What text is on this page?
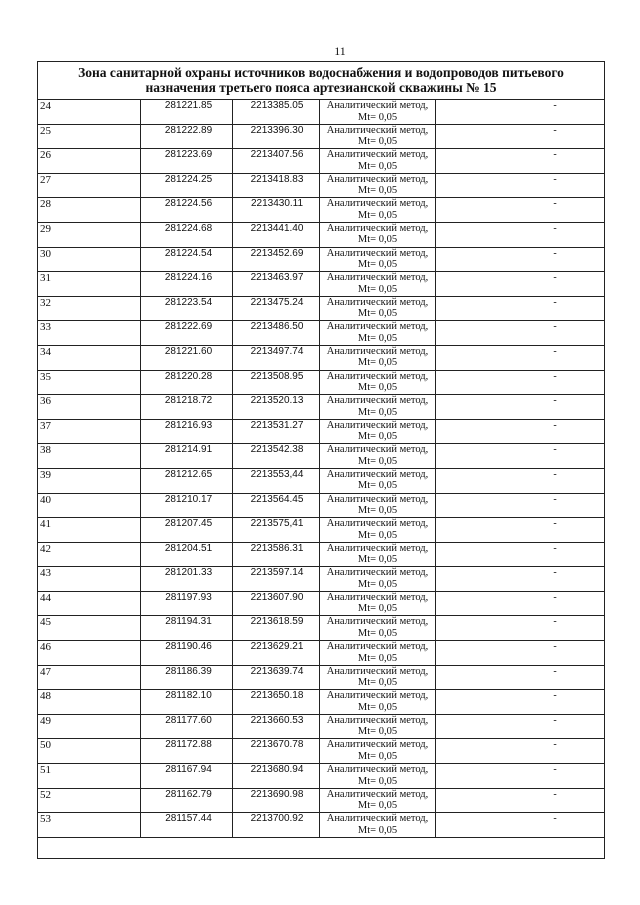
11
Зона санитарной охраны источников водоснабжения и водопроводов питьевого
назначения третьего пояса артезианской скважины № 15				

24	281221.85	2213385.05	Аналитический метод,
Mt= 0,05	-
25	281222.89	2213396.30	Аналитический метод,
Mt= 0,05	-
26	281223.69	2213407.56	Аналитический метод,
Mt= 0,05	-
27	281224.25	2213418.83	Аналитический метод,
Mt= 0,05	-
28	281224.56	2213430.11	Аналитический метод,
Mt= 0,05	-
29	281224.68	2213441.40	Аналитический метод,
Mt= 0,05	-
30	281224.54	2213452.69	Аналитический метод,
Mt= 0,05	-
31	281224.16	2213463.97	Аналитический метод,
Mt= 0,05	-
32	281223.54	2213475.24	Аналитический метод,
Mt= 0,05	-
33	281222.69	2213486.50	Аналитический метод,
Mt= 0,05	-
34	281221.60	2213497.74	Аналитический метод,
Mt= 0,05	-
35	281220.28	2213508.95	Аналитический метод,
Mt= 0,05	-
36	281218.72	2213520.13	Аналитический метод,
Mt= 0,05	-
37	281216.93	2213531.27	Аналитический метод,
Mt= 0,05	-
38	281214.91	2213542.38	Аналитический метод,
Mt= 0,05	-
39	281212.65	2213553,44	Аналитический метод,
Mt= 0,05	-
40	281210.17	2213564.45	Аналитический метод,
Mt= 0,05	-
41	281207.45	2213575,41	Аналитический метод,
Mt= 0,05	-
42	281204.51	2213586.31	Аналитический метод,
Mt= 0,05	-
43	281201.33	2213597.14	Аналитический метод,
Mt= 0,05	-
44	281197.93	2213607.90	Аналитический метод,
Mt= 0,05	-
45	281194.31	2213618.59	Аналитический метод,
Mt= 0,05	-
46	281190.46	2213629.21	Аналитический метод,
Mt= 0,05	-
47	281186.39	2213639.74	Аналитический метод,
Mt= 0,05	-
48	281182.10	2213650.18	Аналитический метод,
Mt= 0,05	-
49	281177.60	2213660.53	Аналитический метод,
Mt= 0,05	-
50	281172.88	2213670.78	Аналитический метод,
Mt= 0,05	-
51	281167.94	2213680.94	Аналитический метод,
Mt= 0,05	-
52	281162.79	2213690.98	Аналитический метод,
Mt= 0,05	-
53	281157.44	2213700.92	Аналитический метод,
Mt= 0,05	-
